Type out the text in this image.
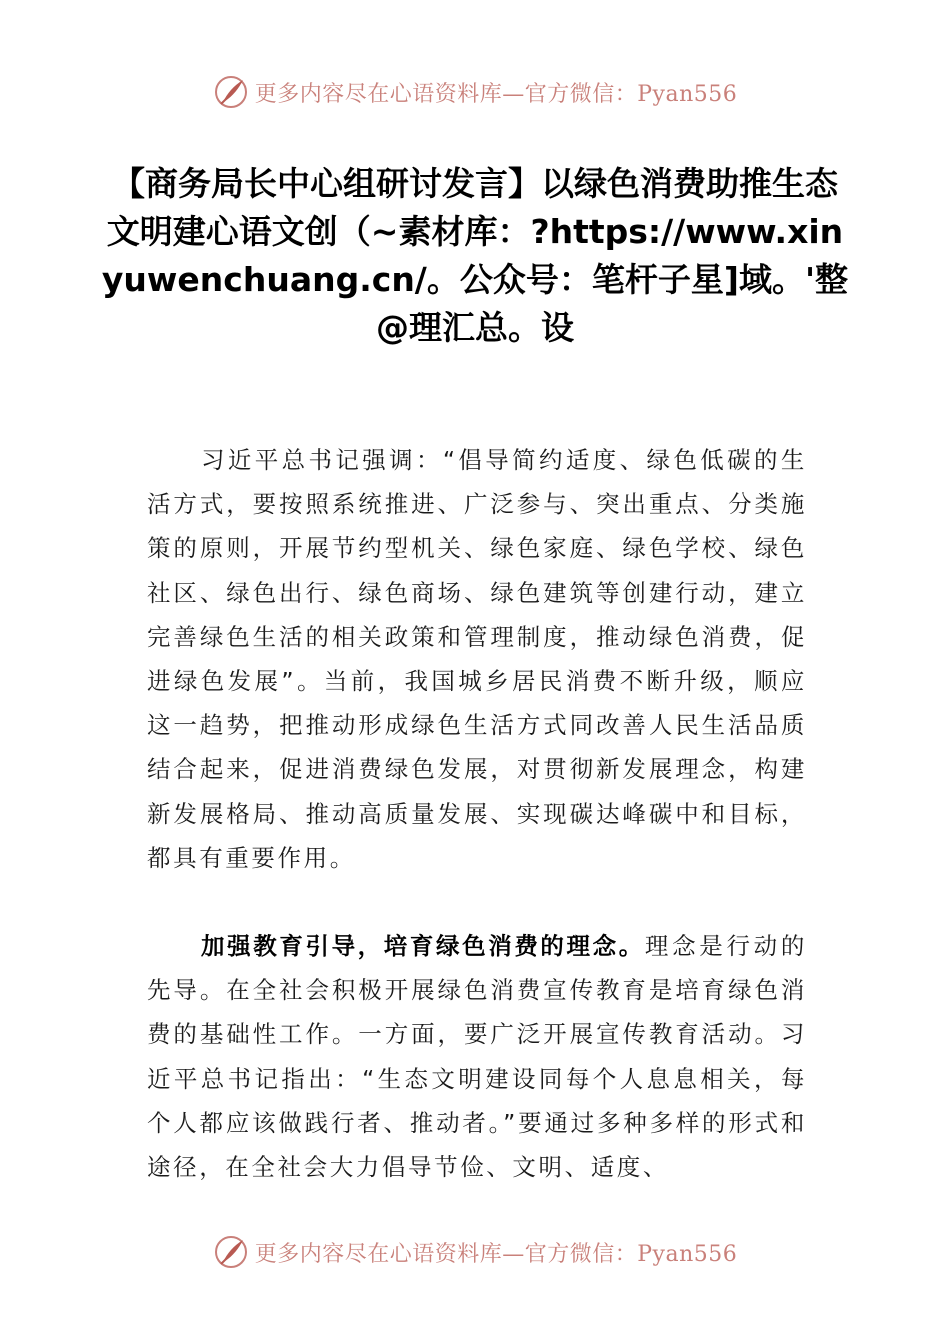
更多内容尽在心语资料库—官方微信：Pyan556
【商务局长中心组研讨发言】以绿色消费助推生态文明建心语文创（~素材库：?https://www.xinyuwenchuang.cn/。公众号：笔杆子星]域。'整@理汇总。设
习近平总书记强调：“倡导简约适度、绿色低碳的生活方式，要按照系统推进、广泛参与、突出重点、分类施策的原则，开展节约型机关、绿色家庭、绿色学校、绿色社区、绿色出行、绿色商场、绿色建筑等创建行动，建立完善绿色生活的相关政策和管理制度，推动绿色消费，促进绿色发展”。当前，我国城乡居民消费不断升级，顺应这一趋势，把推动形成绿色生活方式同改善人民生活品质结合起来，促进消费绿色发展，对贯彻新发展理念，构建新发展格局、推动高质量发展、实现碳达峰碳中和目标，都具有重要作用。
加强教育引导，培育绿色消费的理念。理念是行动的先导。在全社会积极开展绿色消费宣传教育是培育绿色消费的基础性工作。一方面，要广泛开展宣传教育活动。习近平总书记指出：“生态文明建设同每个人息息相关，每个人都应该做践行者、推动者。”要通过多种多样的形式和途径，在全社会大力倡导节俭、文明、适度、
更多内容尽在心语资料库—官方微信：Pyan556
